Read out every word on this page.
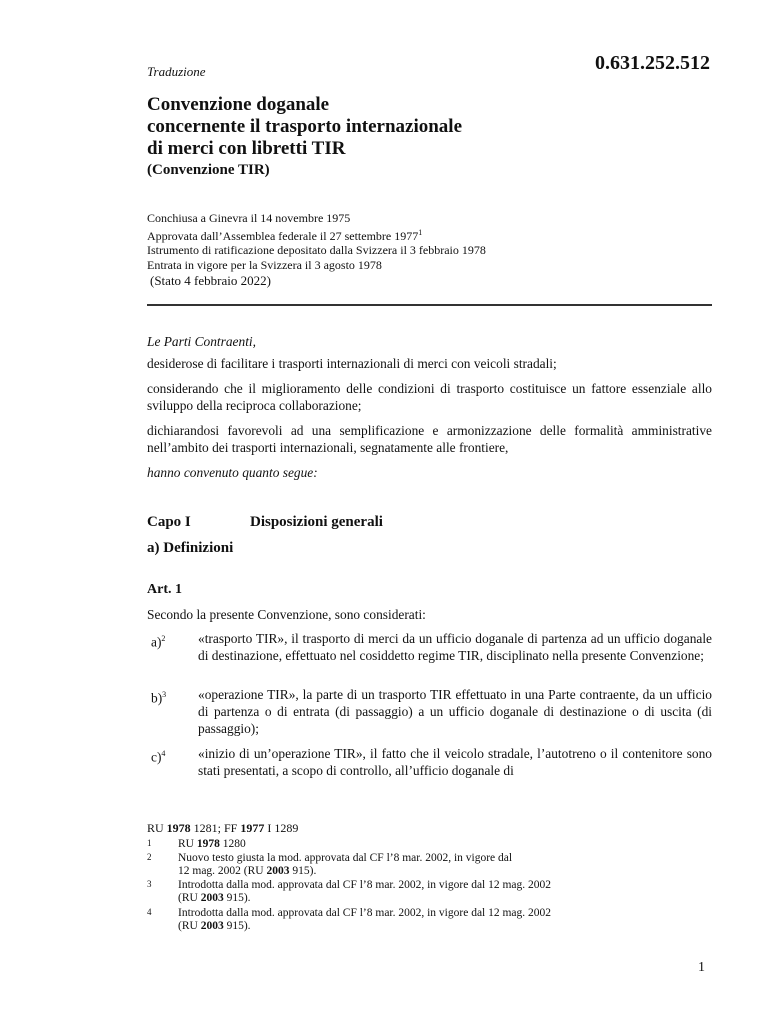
Traduzione	0.631.252.512
Convenzione doganale
concernente il trasporto internazionale
di merci con libretti TIR
(Convenzione TIR)
Conchiusa a Ginevra il 14 novembre 1975
Approvata dall’Assemblea federale il 27 settembre 1977$^1$
Istrumento di ratificazione depositato dalla Svizzera il 3 febbraio 1978
Entrata in vigore per la Svizzera il 3 agosto 1978
(Stato 4 febbraio 2022)
Le Parti Contraenti,
desiderose di facilitare i trasporti internazionali di merci con veicoli stradali;
considerando che il miglioramento delle condizioni di trasporto costituisce un fattore essenziale allo sviluppo della reciproca collaborazione;
dichiarandosi favorevoli ad una semplificazione e armonizzazione delle formalità amministrative nell’ambito dei trasporti internazionali, segnatamente alle frontiere,
hanno convenuto quanto segue:
Capo I	Disposizioni generali
a) Definizioni
Art. 1
Secondo la presente Convenzione, sono considerati:
a)$^2$	«trasporto TIR», il trasporto di merci da un ufficio doganale di partenza ad un ufficio doganale di destinazione, effettuato nel cosiddetto regime TIR, disciplinato nella presente Convenzione;
b)$^3$	«operazione TIR», la parte di un trasporto TIR effettuato in una Parte contraente, da un ufficio di partenza o di entrata (di passaggio) a un ufficio doganale di destinazione o di uscita (di passaggio);
c)$^4$	«inizio di un’operazione TIR», il fatto che il veicolo stradale, l’autotreno o il contenitore sono stati presentati, a scopo di controllo, all’ufficio doganale di
RU 1978 1281; FF 1977 I 1289
1 RU 1978 1280
2 Nuovo testo giusta la mod. approvata dal CF l’8 mar. 2002, in vigore dal
12 mag. 2002 (RU 2003 915).
3 Introdotta dalla mod. approvata dal CF l’8 mar. 2002, in vigore dal 12 mag. 2002
(RU 2003 915).
4 Introdotta dalla mod. approvata dal CF l’8 mar. 2002, in vigore dal 12 mag. 2002
(RU 2003 915).
1
